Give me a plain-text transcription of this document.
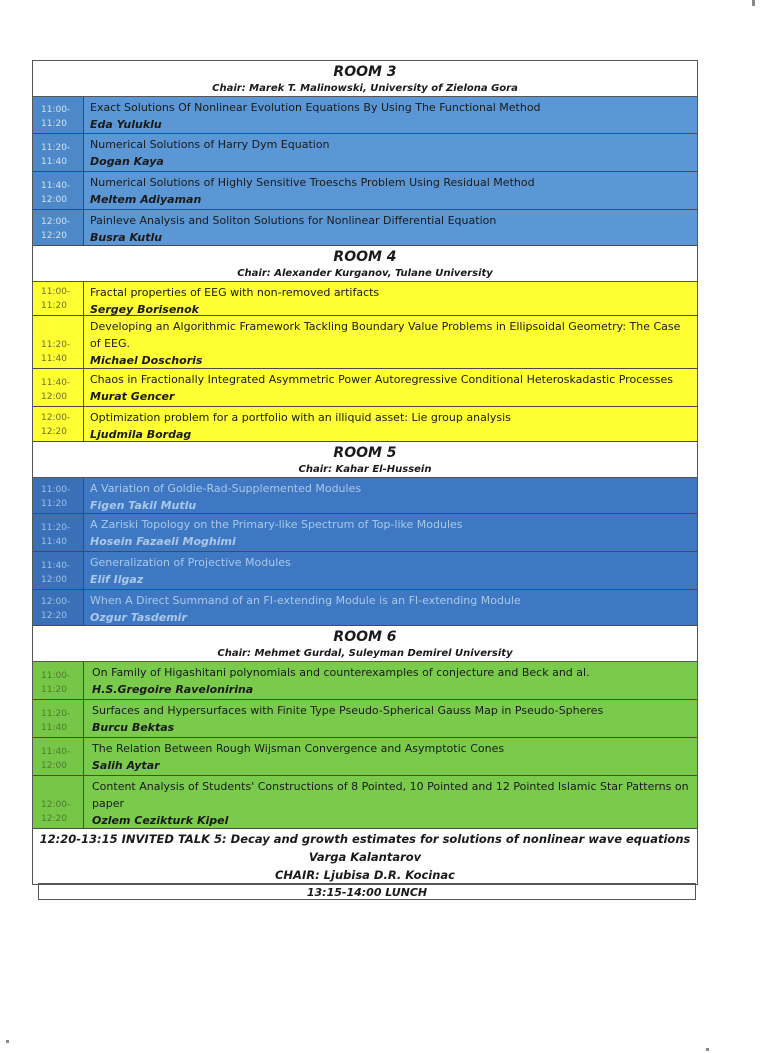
ROOM 3
Chair: Marek T. Malinowski, University of Zielona Gora
11:00-
11:20
Exact Solutions Of Nonlinear Evolution Equations By Using The Functional Method
Eda Yuluklu
11:20-
11:40
Numerical Solutions of Harry Dym Equation
Dogan Kaya
11:40-
12:00
Numerical Solutions of Highly Sensitive Troeschs Problem Using Residual Method
Meltem Adiyaman
12:00-
12:20
Painleve Analysis and Soliton Solutions for Nonlinear Differential Equation
Busra Kutlu
ROOM 4
Chair: Alexander Kurganov, Tulane University
11:00-
11:20
Fractal properties of EEG with non-removed artifacts
Sergey Borisenok
11:20-
11:40
Developing an Algorithmic Framework Tackling Boundary Value Problems in Ellipsoidal Geometry: The Case of EEG.
Michael Doschoris
11:40-
12:00
Chaos in Fractionally Integrated Asymmetric Power Autoregressive Conditional Heteroskadastic Processes
Murat Gencer
12:00-
12:20
Optimization problem for a portfolio with an illiquid asset: Lie group analysis
Ljudmila Bordag
ROOM 5
Chair: Kahar El-Hussein
11:00-
11:20
A Variation of Goldie-Rad-Supplemented Modules
Figen Takil Mutlu
11:20-
11:40
A Zariski Topology on the Primary-like Spectrum of Top-like Modules
Hosein Fazaeli Moghimi
11:40-
12:00
Generalization of Projective Modules
Elif Ilgaz
12:00-
12:20
When A Direct Summand of an FI-extending Module is an FI-extending Module
Ozgur Tasdemir
ROOM 6
Chair: Mehmet Gurdal, Suleyman Demirel University
11:00-
11:20
On Family of Higashitani polynomials and counterexamples of conjecture and Beck and al.
H.S.Gregoire Ravelonirina
11:20-
11:40
Surfaces and Hypersurfaces with Finite Type Pseudo-Spherical Gauss Map in Pseudo-Spheres
Burcu Bektas
11:40-
12:00
The Relation Between Rough Wijsman Convergence and Asymptotic Cones
Salih Aytar
12:00-
12:20
Content Analysis of Students' Constructions of 8 Pointed, 10 Pointed and 12 Pointed Islamic Star Patterns on paper
Ozlem Cezikturk Kipel
12:20-13:15 INVITED TALK 5: Decay and growth estimates for solutions of nonlinear wave equations
Varga Kalantarov
CHAIR: Ljubisa D.R. Kocinac
13:15-14:00 LUNCH
